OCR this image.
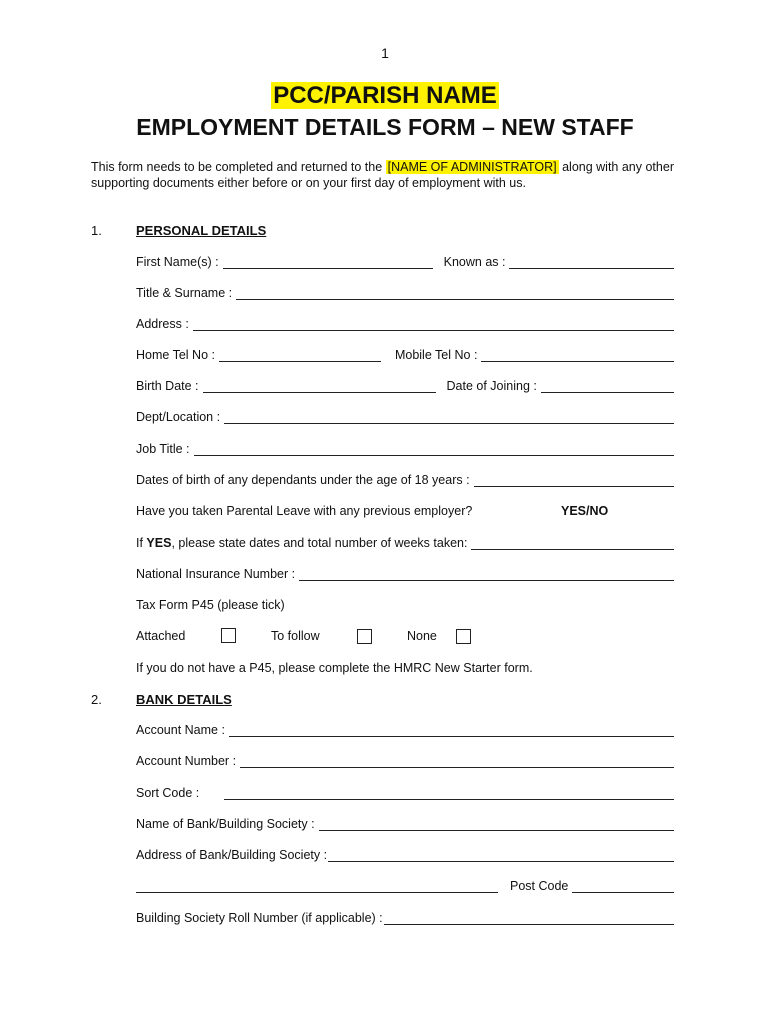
1
PCC/PARISH NAME
EMPLOYMENT DETAILS FORM – NEW STAFF
This form needs to be completed and returned to the [NAME OF ADMINISTRATOR] along with any other supporting documents either before or on your first day of employment with us.
1.	PERSONAL DETAILS
First Name(s) :	Known as :
Title & Surname :
Address :
Home Tel No :	Mobile Tel No :
Birth Date :	Date of Joining :
Dept/Location :
Job Title :
Dates of birth of any dependants under the age of 18 years :
Have you taken Parental Leave with any previous employer?	YES/NO
If YES, please state dates and total number of weeks taken:
National Insurance Number :
Tax Form P45 (please tick)
Attached	To follow	None
If you do not have a P45, please complete the HMRC New Starter form.
2.	BANK DETAILS
Account Name :
Account Number :
Sort Code :
Name of Bank/Building Society :
Address of Bank/Building Society :
Post Code
Building Society Roll Number (if applicable) :
